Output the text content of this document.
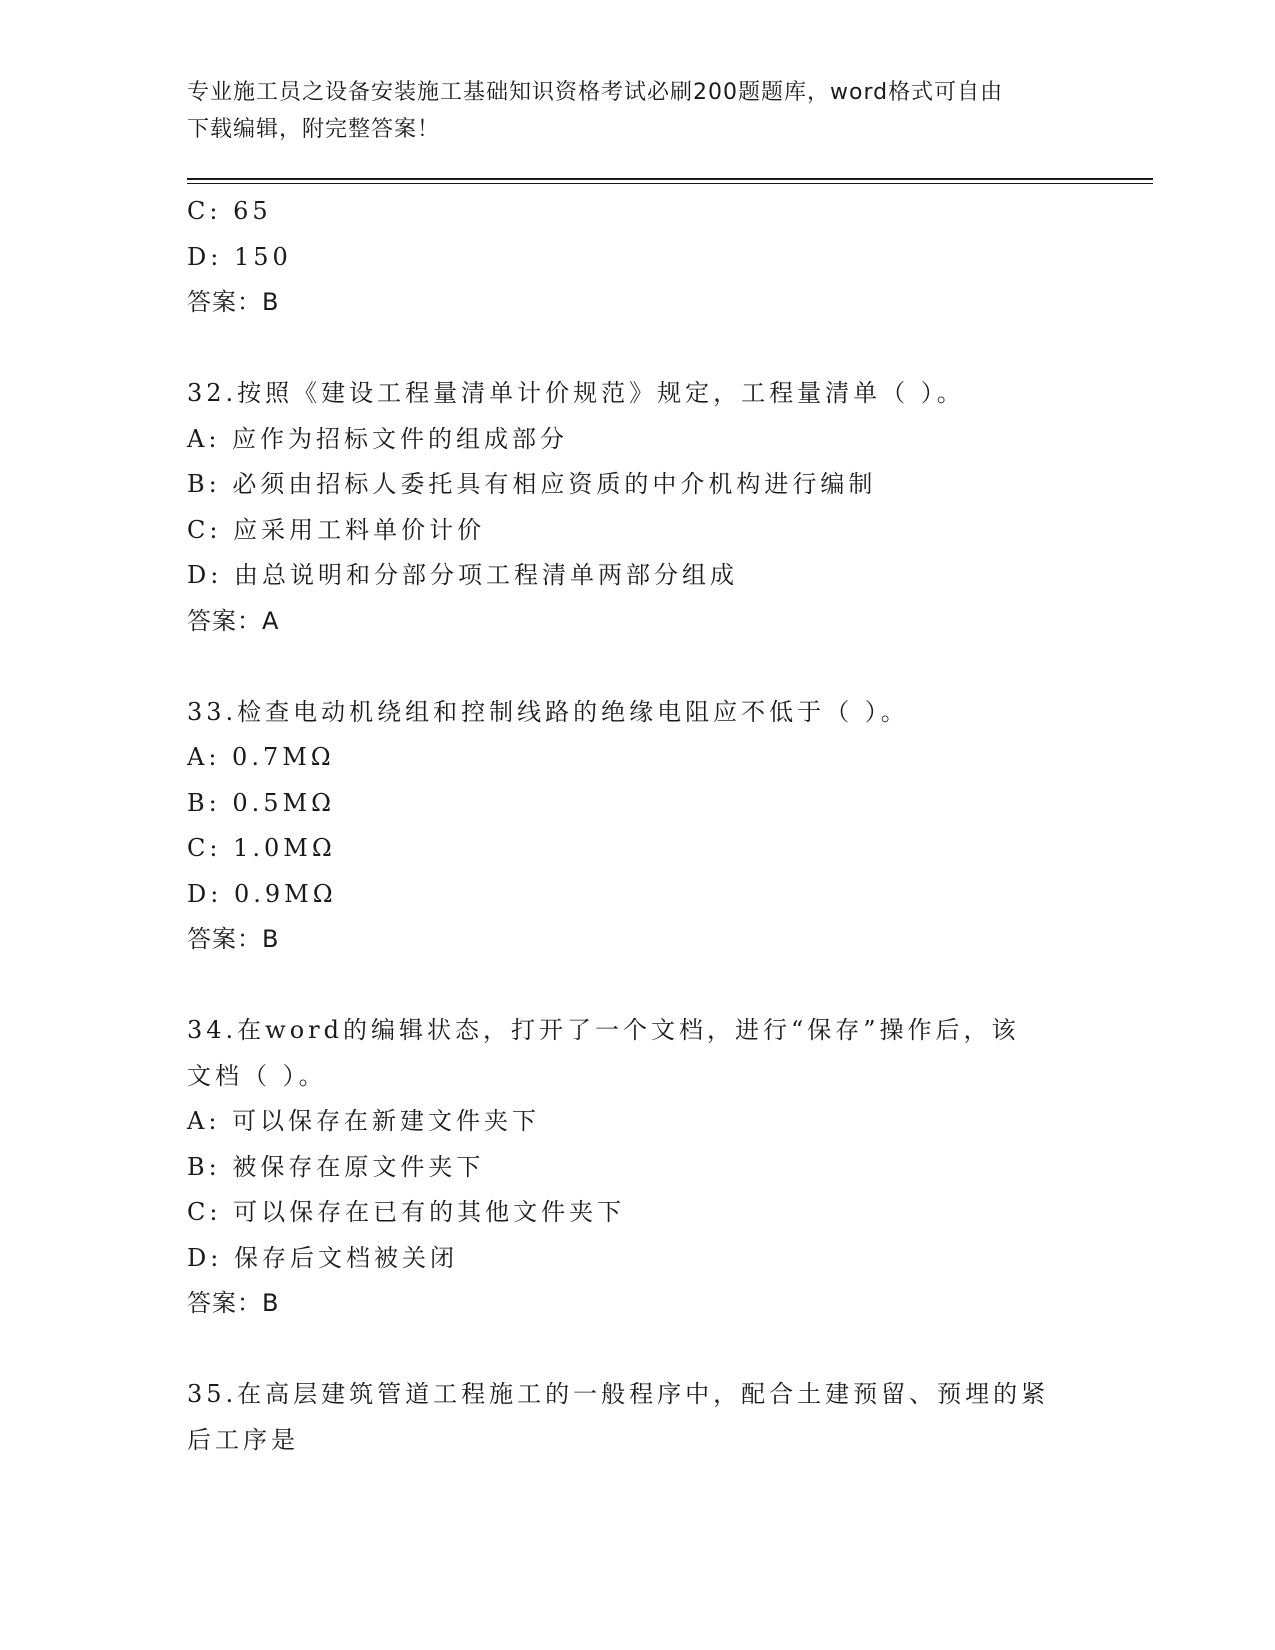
专业施工员之设备安装施工基础知识资格考试必刷200题题库，word格式可自由
下载编辑，附完整答案！
C: 65
D: 150
答案：B
32.按照《建设工程量清单计价规范》规定，工程量清单（ ）。
A: 应作为招标文件的组成部分
B: 必须由招标人委托具有相应资质的中介机构进行编制
C: 应采用工料单价计价
D: 由总说明和分部分项工程清单两部分组成
答案：A
33.检查电动机绕组和控制线路的绝缘电阻应不低于（ ）。
A: 0.7MΩ
B: 0.5MΩ
C: 1.0MΩ
D: 0.9MΩ
答案：B
34.在word的编辑状态，打开了一个文档，进行“保存”操作后，该
文档（ ）。
A: 可以保存在新建文件夹下
B: 被保存在原文件夹下
C: 可以保存在已有的其他文件夹下
D: 保存后文档被关闭
答案：B
35.在高层建筑管道工程施工的一般程序中，配合土建预留、预埋的紧
后工序是
